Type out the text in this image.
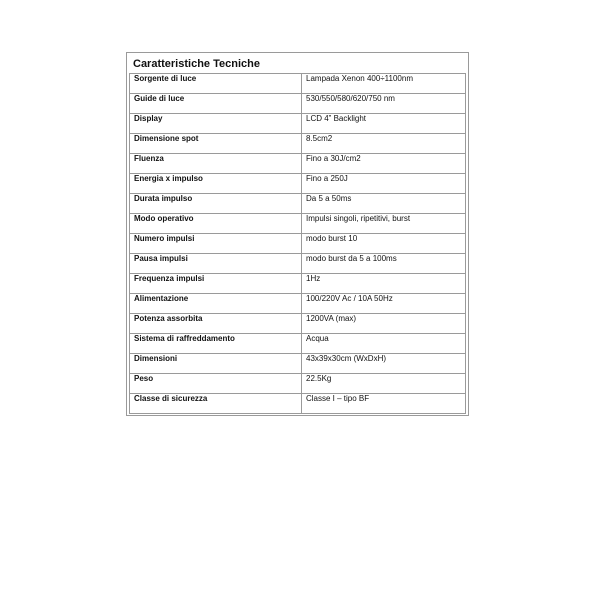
Caratteristiche Tecniche
Sorgente di luce	Lampada Xenon 400÷1100nm
Guide di luce	530/550/580/620/750 nm
Display	LCD 4” Backlight
Dimensione spot	8.5cm2
Fluenza	Fino a 30J/cm2
Energia x impulso	Fino a 250J
Durata impulso	Da 5 a 50ms
Modo operativo	Impulsi singoli, ripetitivi, burst
Numero impulsi	modo burst 10
Pausa impulsi	modo burst da 5 a 100ms
Frequenza impulsi	1Hz
Alimentazione	100/220V Ac / 10A 50Hz
Potenza assorbita	1200VA (max)
Sistema di raffreddamento	Acqua
Dimensioni	43x39x30cm (WxDxH)
Peso	22.5Kg
Classe di sicurezza	Classe I – tipo BF
